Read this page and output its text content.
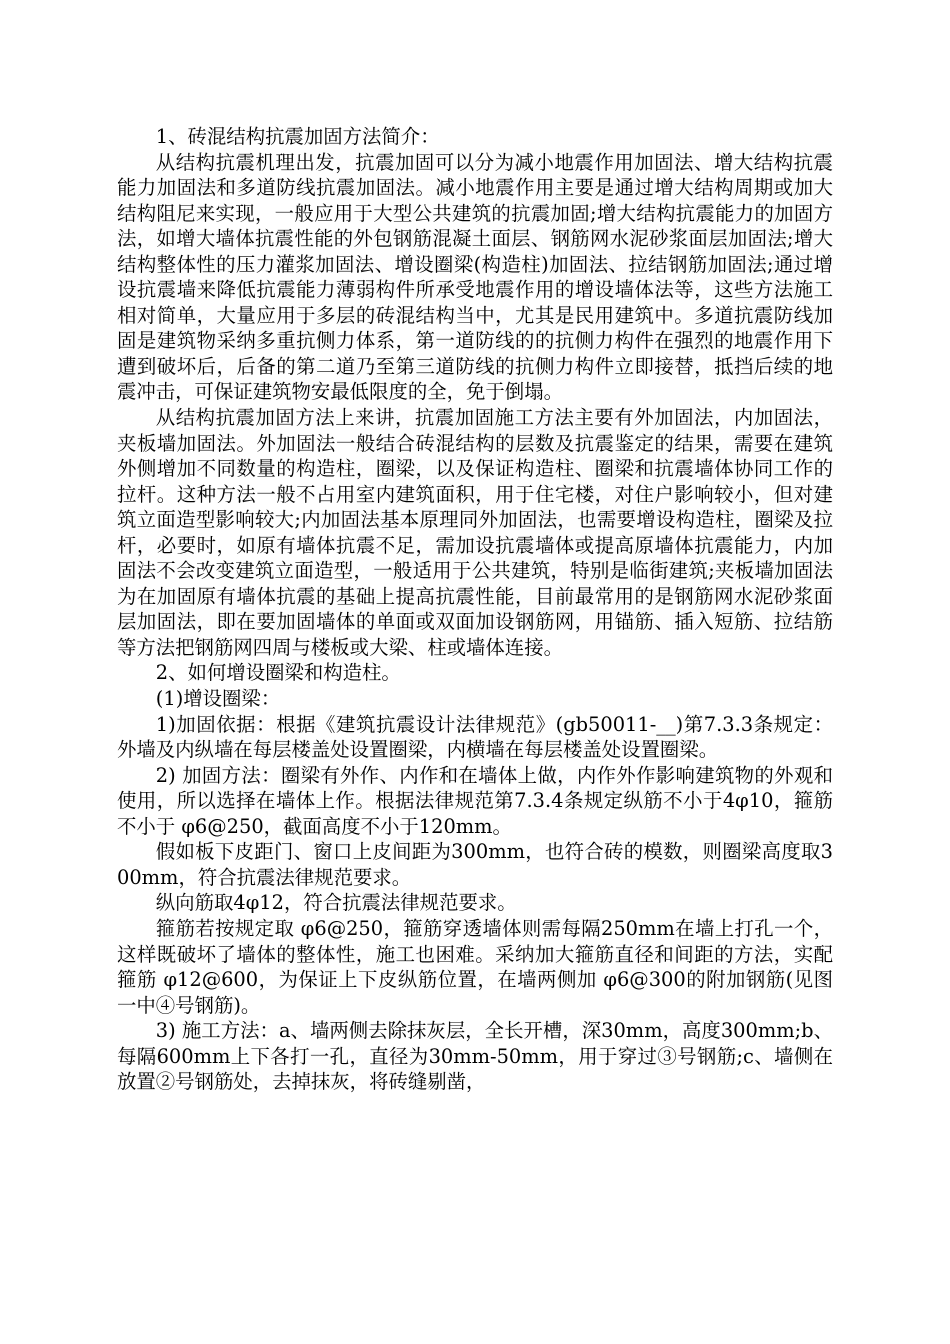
1、砖混结构抗震加固方法简介：

从结构抗震机理出发，抗震加固可以分为减小地震作用加固法、增大结构抗震能力加固法和多道防线抗震加固法。减小地震作用主要是通过增大结构周期或加大结构阻尼来实现，一般应用于大型公共建筑的抗震加固;增大结构抗震能力的加固方法，如增大墙体抗震性能的外包钢筋混凝土面层、钢筋网水泥砂浆面层加固法;增大结构整体性的压力灌浆加固法、增设圈梁(构造柱)加固法、拉结钢筋加固法;通过增设抗震墙来降低抗震能力薄弱构件所承受地震作用的增设墙体法等，这些方法施工相对简单，大量应用于多层的砖混结构当中，尤其是民用建筑中。多道抗震防线加固是建筑物采纳多重抗侧力体系，第一道防线的的抗侧力构件在强烈的地震作用下遭到破坏后，后备的第二道乃至第三道防线的抗侧力构件立即接替，抵挡后续的地震冲击，可保证建筑物安最低限度的全，免于倒塌。

从结构抗震加固方法上来讲，抗震加固施工方法主要有外加固法，内加固法，夹板墙加固法。外加固法一般结合砖混结构的层数及抗震鉴定的结果，需要在建筑外侧增加不同数量的构造柱，圈梁，以及保证构造柱、圈梁和抗震墙体协同工作的拉杆。这种方法一般不占用室内建筑面积，用于住宅楼，对住户影响较小，但对建筑立面造型影响较大;内加固法基本原理同外加固法，也需要增设构造柱，圈梁及拉杆，必要时，如原有墙体抗震不足，需加设抗震墙体或提高原墙体抗震能力，内加固法不会改变建筑立面造型，一般适用于公共建筑，特别是临街建筑;夹板墙加固法为在加固原有墙体抗震的基础上提高抗震性能，目前最常用的是钢筋网水泥砂浆面层加固法，即在要加固墙体的单面或双面加设钢筋网，用锚筋、插入短筋、拉结筋等方法把钢筋网四周与楼板或大梁、柱或墙体连接。

2、如何增设圈梁和构造柱。

(1)增设圈梁：

1)加固依据：根据《建筑抗震设计法律规范》(gb50011-__)第7.3.3条规定：外墙及内纵墙在每层楼盖处设置圈梁，内横墙在每层楼盖处设置圈梁。

2) 加固方法：圈梁有外作、内作和在墙体上做，内作外作影响建筑物的外观和使用，所以选择在墙体上作。根据法律规范第7.3.4条规定纵筋不小于4φ10，箍筋不小于 φ6@250，截面高度不小于120mm。

假如板下皮距门、窗口上皮间距为300mm，也符合砖的模数，则圈梁高度取300mm，符合抗震法律规范要求。

纵向筋取4φ12，符合抗震法律规范要求。

箍筋若按规定取 φ6@250，箍筋穿透墙体则需每隔250mm在墙上打孔一个，这样既破坏了墙体的整体性，施工也困难。采纳加大箍筋直径和间距的方法，实配箍筋 φ12@600，为保证上下皮纵筋位置，在墙两侧加 φ6@300的附加钢筋(见图一中④号钢筋)。

3) 施工方法：a、墙两侧去除抹灰层，全长开槽，深30mm，高度300mm;b、每隔600mm上下各打一孔，直径为30mm-50mm，用于穿过③号钢筋;c、墙侧在放置②号钢筋处，去掉抹灰，将砖缝剔凿，
